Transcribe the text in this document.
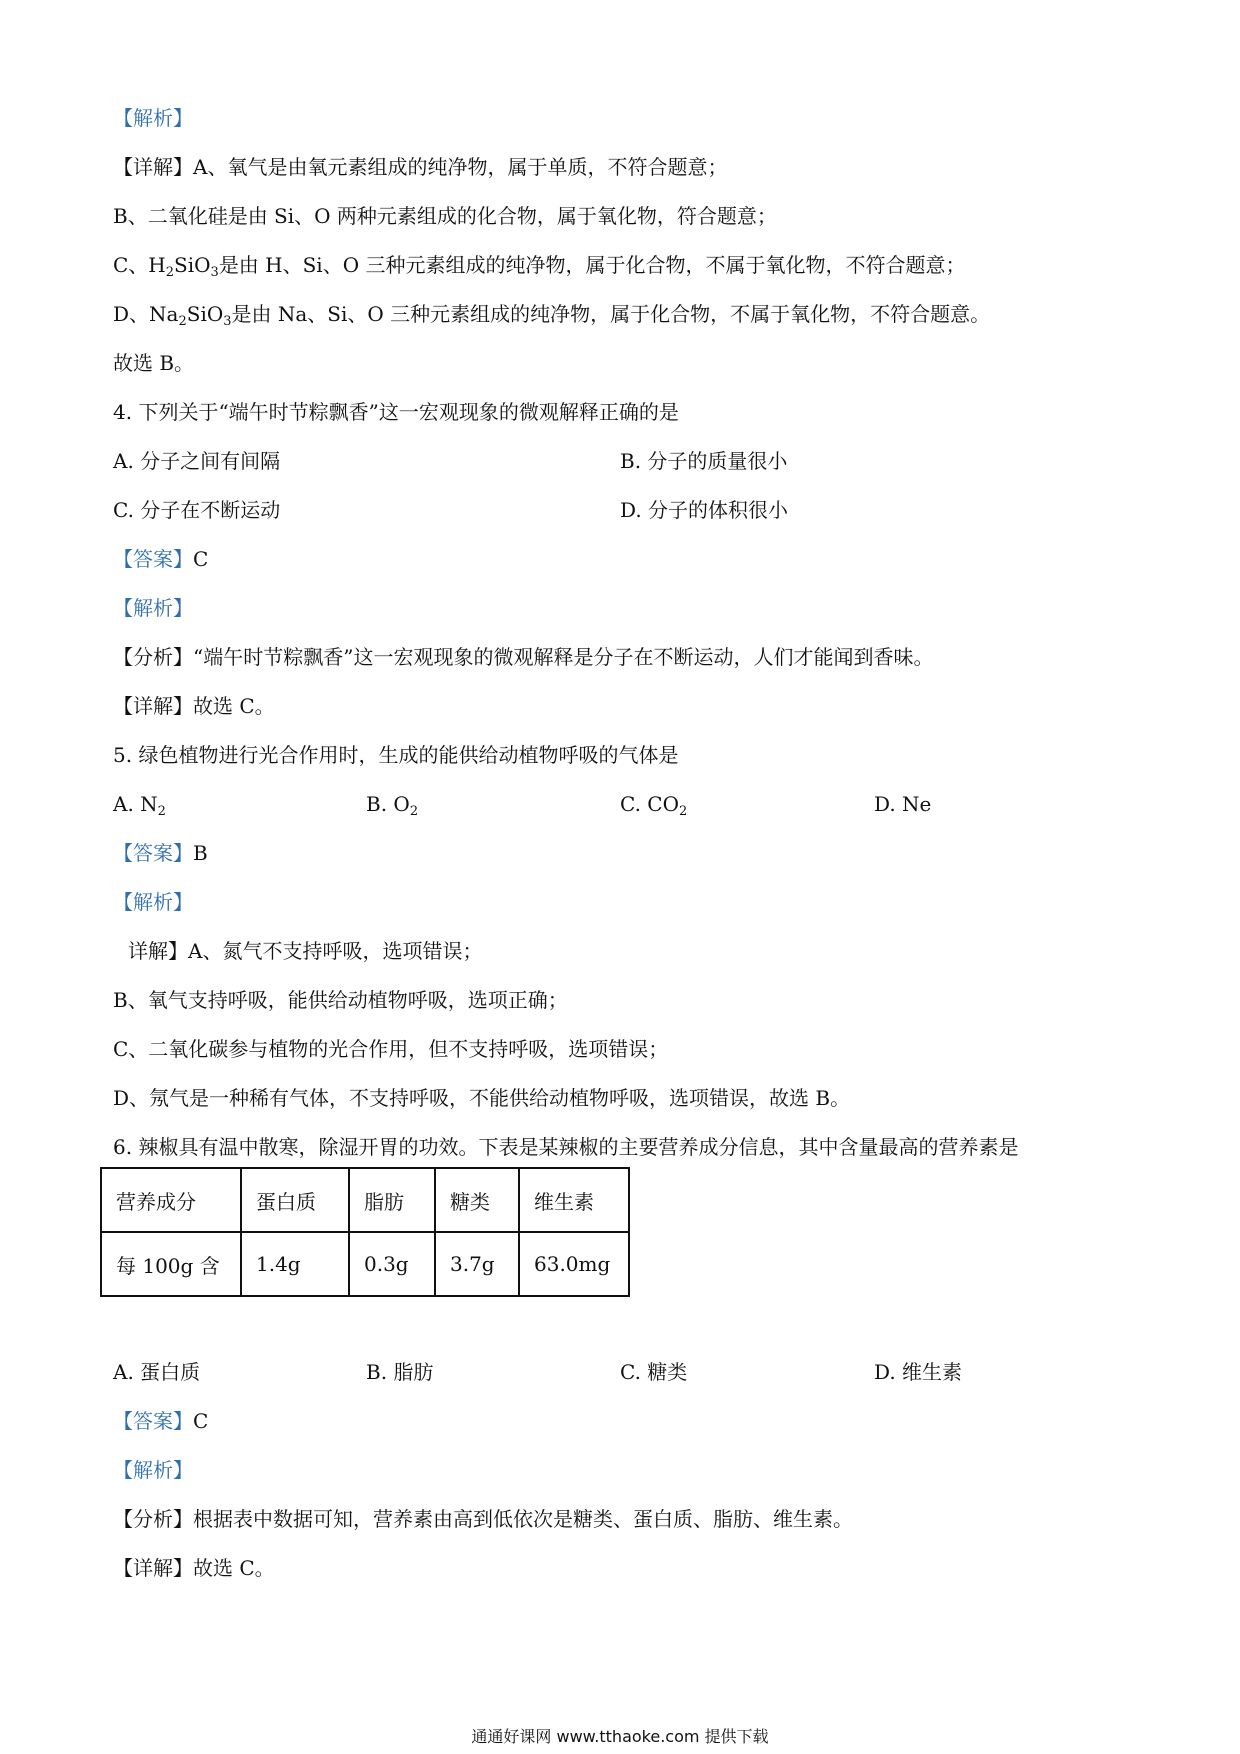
【解析】
【详解】A、氧气是由氧元素组成的纯净物，属于单质，不符合题意；
B、二氧化硅是由 Si、O 两种元素组成的化合物，属于氧化物，符合题意；
C、$H_2SiO_3$是由 H、Si、O 三种元素组成的纯净物，属于化合物，不属于氧化物，不符合题意；
D、$Na_2SiO_3$是由 Na、Si、O 三种元素组成的纯净物，属于化合物，不属于氧化物，不符合题意。
故选 B。
4. 下列关于“端午时节粽飘香”这一宏观现象的微观解释正确的是
A. 分子之间有间隔	B. 分子的质量很小
C. 分子在不断运动	D. 分子的体积很小
【答案】C
【解析】
【分析】“端午时节粽飘香”这一宏观现象的微观解释是分子在不断运动，人们才能闻到香味。
【详解】故选 C。
5. 绿色植物进行光合作用时，生成的能供给动植物呼吸的气体是
A. $N_2$	B. $O_2$	C. $CO_2$	D. Ne
【答案】B
【解析】
详解】A、氮气不支持呼吸，选项错误；
B、氧气支持呼吸，能供给动植物呼吸，选项正确；
C、二氧化碳参与植物的光合作用，但不支持呼吸，选项错误；
D、氖气是一种稀有气体，不支持呼吸，不能供给动植物呼吸，选项错误，故选 B。
6. 辣椒具有温中散寒，除湿开胃的功效。下表是某辣椒的主要营养成分信息，其中含量最高的营养素是
营养成分	蛋白质	脂肪	糖类	维生素
每 100g 含	1.4g	0.3g	3.7g	63.0mg
A. 蛋白质	B. 脂肪	C. 糖类	D. 维生素
【答案】C
【解析】
【分析】根据表中数据可知，营养素由高到低依次是糖类、蛋白质、脂肪、维生素。
【详解】故选 C。
通通好课网 www.tthaoke.com 提供下载
